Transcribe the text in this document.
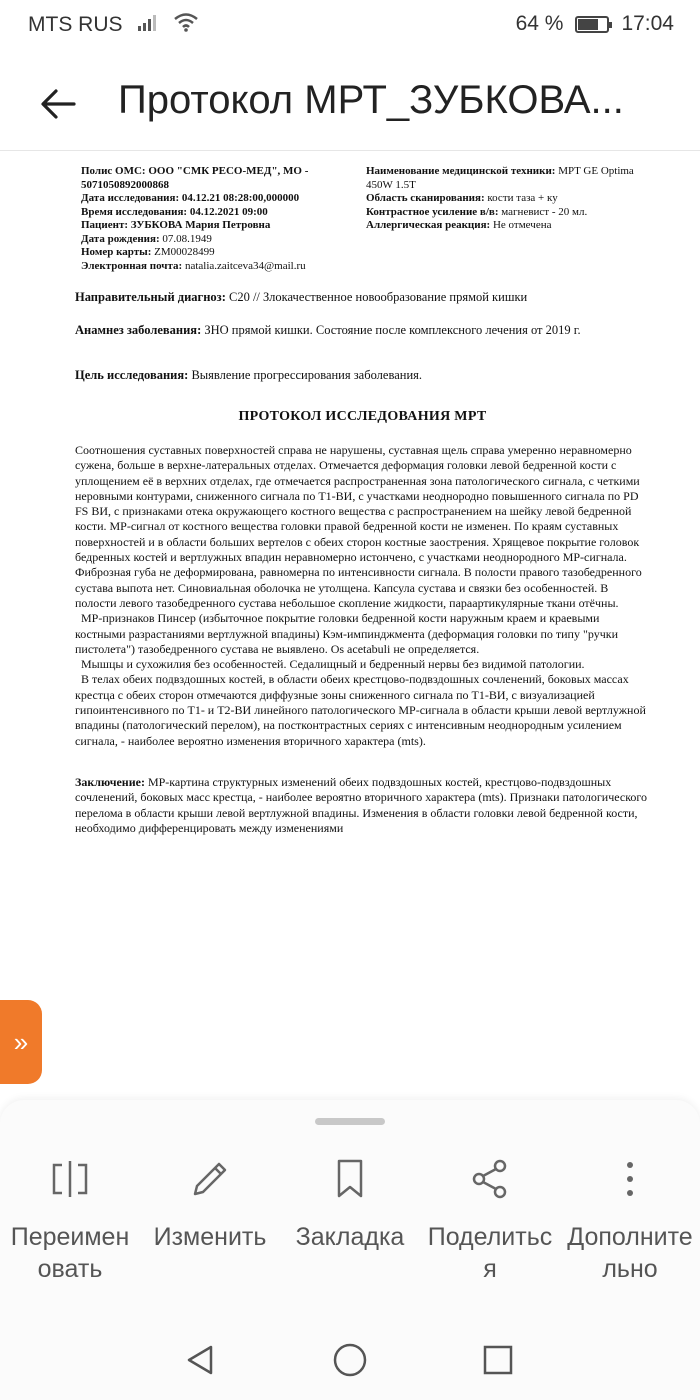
MTS RUS	64 %	17:04
Протокол МРТ_ЗУБКОВА...
Полис ОМС: ООО "СМК РЕСО-МЕД", МО - 5071050892000868
Дата исследования: 04.12.21 08:28:00,000000
Время исследования: 04.12.2021 09:00
Пациент: ЗУБКОВА Мария Петровна
Дата рождения: 07.08.1949
Номер карты: ZM00028499
Электронная почта: natalia.zaitceva34@mail.ru
Наименование медицинской техники: MPT GE Optima 450W 1.5T
Область сканирования: кости таза + ку
Контрастное усиление в/в: магневист - 20 мл.
Аллергическая реакция: Не отмечена
Направительный диагноз: C20 // Злокачественное новообразование прямой кишки
Анамнез заболевания: ЗНО прямой кишки. Состояние после комплексного лечения от 2019 г.
Цель исследования: Выявление прогрессирования заболевания.
ПРОТОКОЛ ИССЛЕДОВАНИЯ МРТ

Соотношения суставных поверхностей справа не нарушены, суставная щель справа умеренно неравномерно сужена, больше в верхне-латеральных отделах. Отмечается деформация головки левой бедренной кости с уплощением её в верхних отделах, где отмечается распространенная зона патологического сигнала, с четкими неровными контурами, сниженного сигнала по Т1-ВИ, с участками неоднородно повышенного сигнала по PD FS ВИ, с признаками отека окружающего костного вещества с распространением на шейку левой бедренной кости. МР-сигнал от костного вещества головки правой бедренной кости не изменен. По краям суставных поверхностей и в области больших вертелов с обеих сторон костные заострения. Хрящевое покрытие головок бедренных костей и вертлужных впадин неравномерно истончено, с участками неоднородного МР-сигнала. Фиброзная губа не деформирована, равномерна по интенсивности сигнала. В полости правого тазобедренного сустава выпота нет. Синовиальная оболочка не утолщена. Капсула сустава и связки без особенностей. В полости левого тазобедренного сустава небольшое скопление жидкости, параартикулярные ткани отёчны.

МР-признаков Пинсер (избыточное покрытие головки бедренной кости наружным краем и краевыми костными разрастаниями вертлужной впадины) Кэм-импинджмента (деформация головки по типу "ручки пистолета") тазобедренного сустава не выявлено. Os acetabuli не определяется.

Мышцы и сухожилия без особенностей. Седалищный и бедренный нервы без видимой патологии.

В телах обеих подвздошных костей, в области обеих крестцово-подвздошных сочленений, боковых массах крестца с обеих сторон отмечаются диффузные зоны сниженного сигнала по Т1-ВИ, с визуализацией гипоинтенсивного по Т1- и Т2-ВИ линейного патологического МР-сигнала в области крыши левой вертлужной впадины (патологический перелом), на постконтрастных сериях с интенсивным неоднородным усилением сигнала, - наиболее вероятно изменения вторичного характера (mts).

Заключение: МР-картина структурных изменений обеих подвздошных костей, крестцово-подвздошных сочленений, боковых масс крестца, - наиболее вероятно вторичного характера (mts). Признаки патологического перелома в области крыши левой вертлужной впадины. Изменения в области головки левой бедренной кости, необходимо дифференцировать между изменениями
»
Переименовать
Изменить	Закладка Поделиться
Дополнительно
